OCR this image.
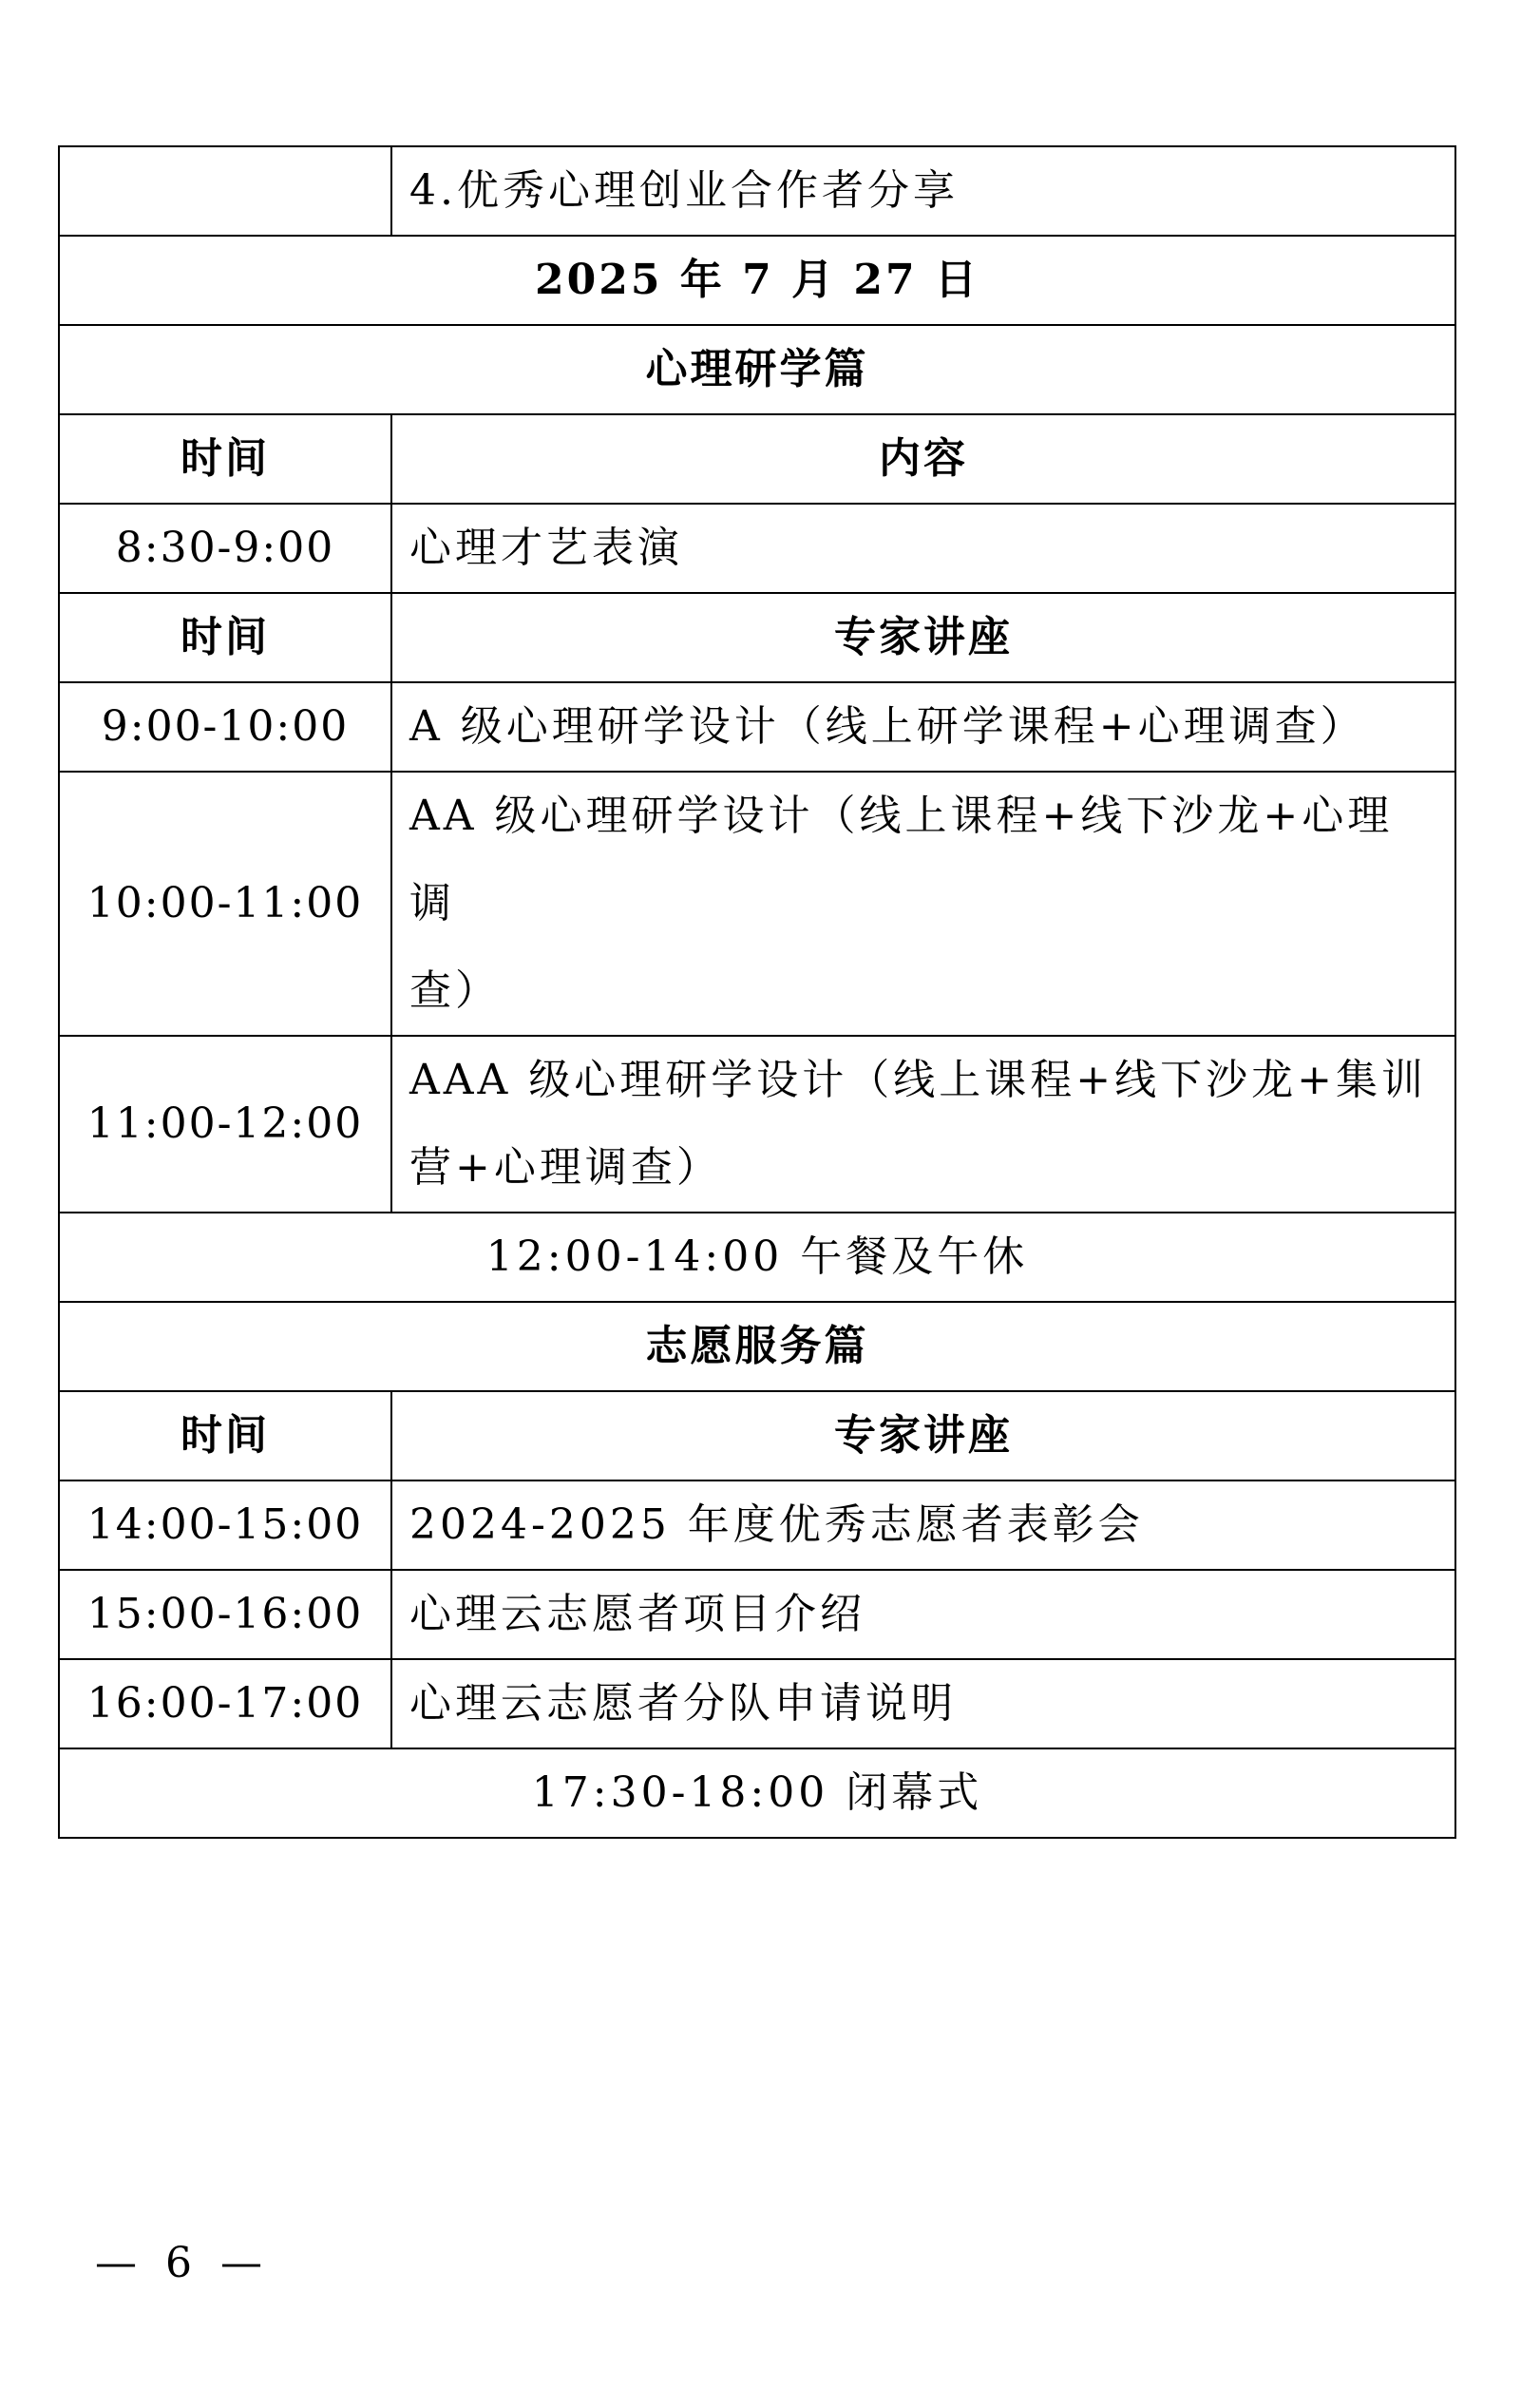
	4.优秀心理创业合作者分享
2025 年 7 月 27 日	
心理研学篇	
时间	内容
8:30-9:00	心理才艺表演
时间	专家讲座
9:00-10:00	A 级心理研学设计（线上研学课程+心理调查）
10:00-11:00	AA 级心理研学设计（线上课程+线下沙龙+心理调
查）

11:00-12:00	AAA 级心理研学设计（线上课程+线下沙龙+集训
营+心理调查）

12:00-14:00 午餐及午休	
志愿服务篇	
时间	专家讲座
14:00-15:00	2024-2025 年度优秀志愿者表彰会
15:00-16:00	心理云志愿者项目介绍
16:00-17:00	心理云志愿者分队申请说明
17:30-18:00 闭幕式	
— 6 —
